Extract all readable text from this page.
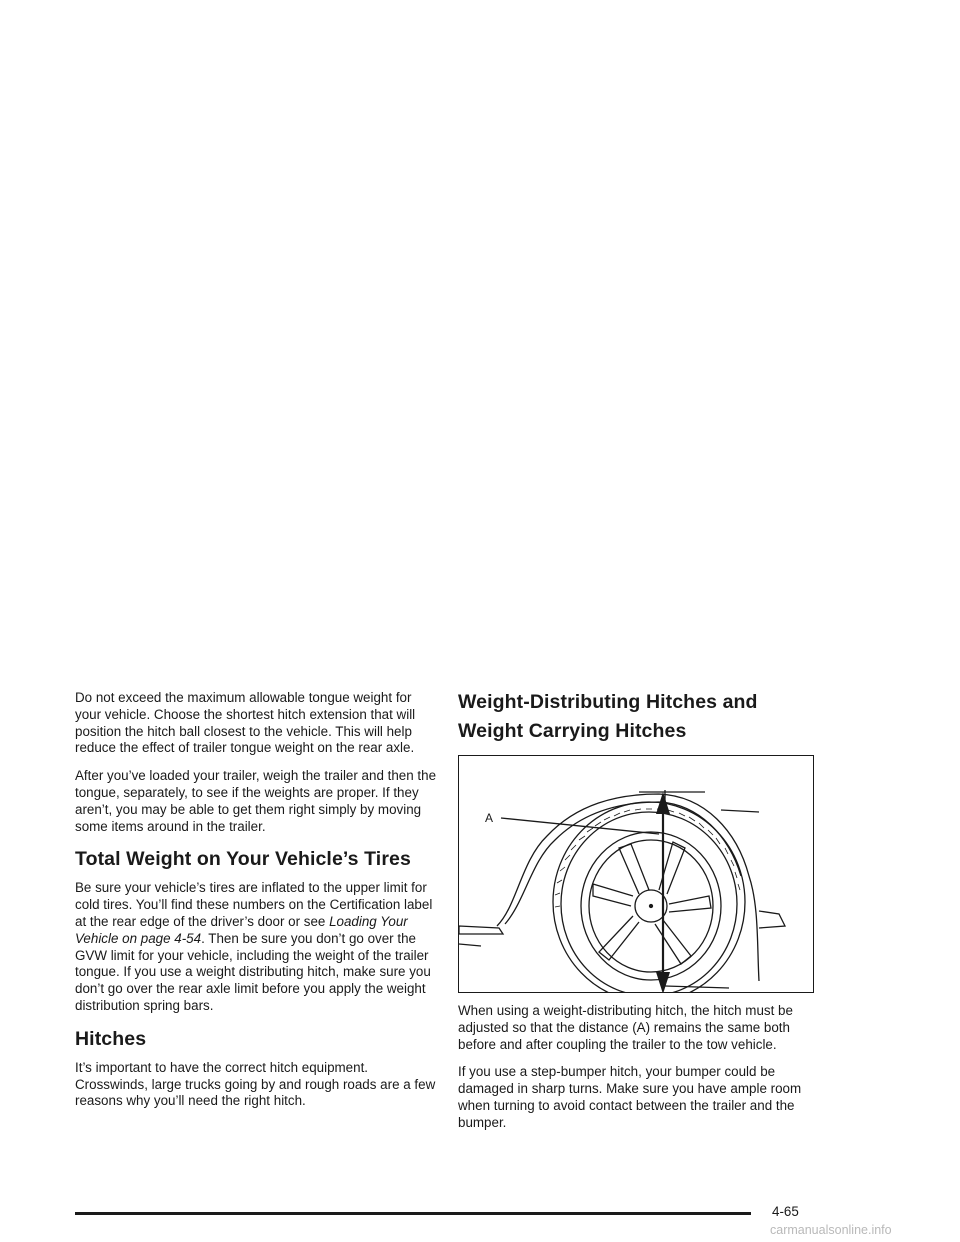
Do not exceed the maximum allowable tongue weight for your vehicle. Choose the shortest hitch extension that will position the hitch ball closest to the vehicle. This will help reduce the effect of trailer tongue weight on the rear axle.

After you’ve loaded your trailer, weigh the trailer and then the tongue, separately, to see if the weights are proper. If they aren’t, you may be able to get them right simply by moving some items around in the trailer.

Total Weight on Your Vehicle’s Tires

Be sure your vehicle’s tires are inflated to the upper limit for cold tires. You’ll find these numbers on the Certification label at the rear edge of the driver’s door or see Loading Your Vehicle on page 4-54. Then be sure you don’t go over the GVW limit for your vehicle, including the weight of the trailer tongue. If you use a weight distributing hitch, make sure you don’t go over the rear axle limit before you apply the weight distribution spring bars.

Hitches

It’s important to have the correct hitch equipment. Crosswinds, large trucks going by and rough roads are a few reasons why you’ll need the right hitch.

Weight-Distributing Hitches and Weight Carrying Hitches
A

When using a weight-distributing hitch, the hitch must be adjusted so that the distance (A) remains the same both before and after coupling the trailer to the tow vehicle.

If you use a step-bumper hitch, your bumper could be damaged in sharp turns. Make sure you have ample room when turning to avoid contact between the trailer and the bumper.

4-65
carmanualsonline.info
